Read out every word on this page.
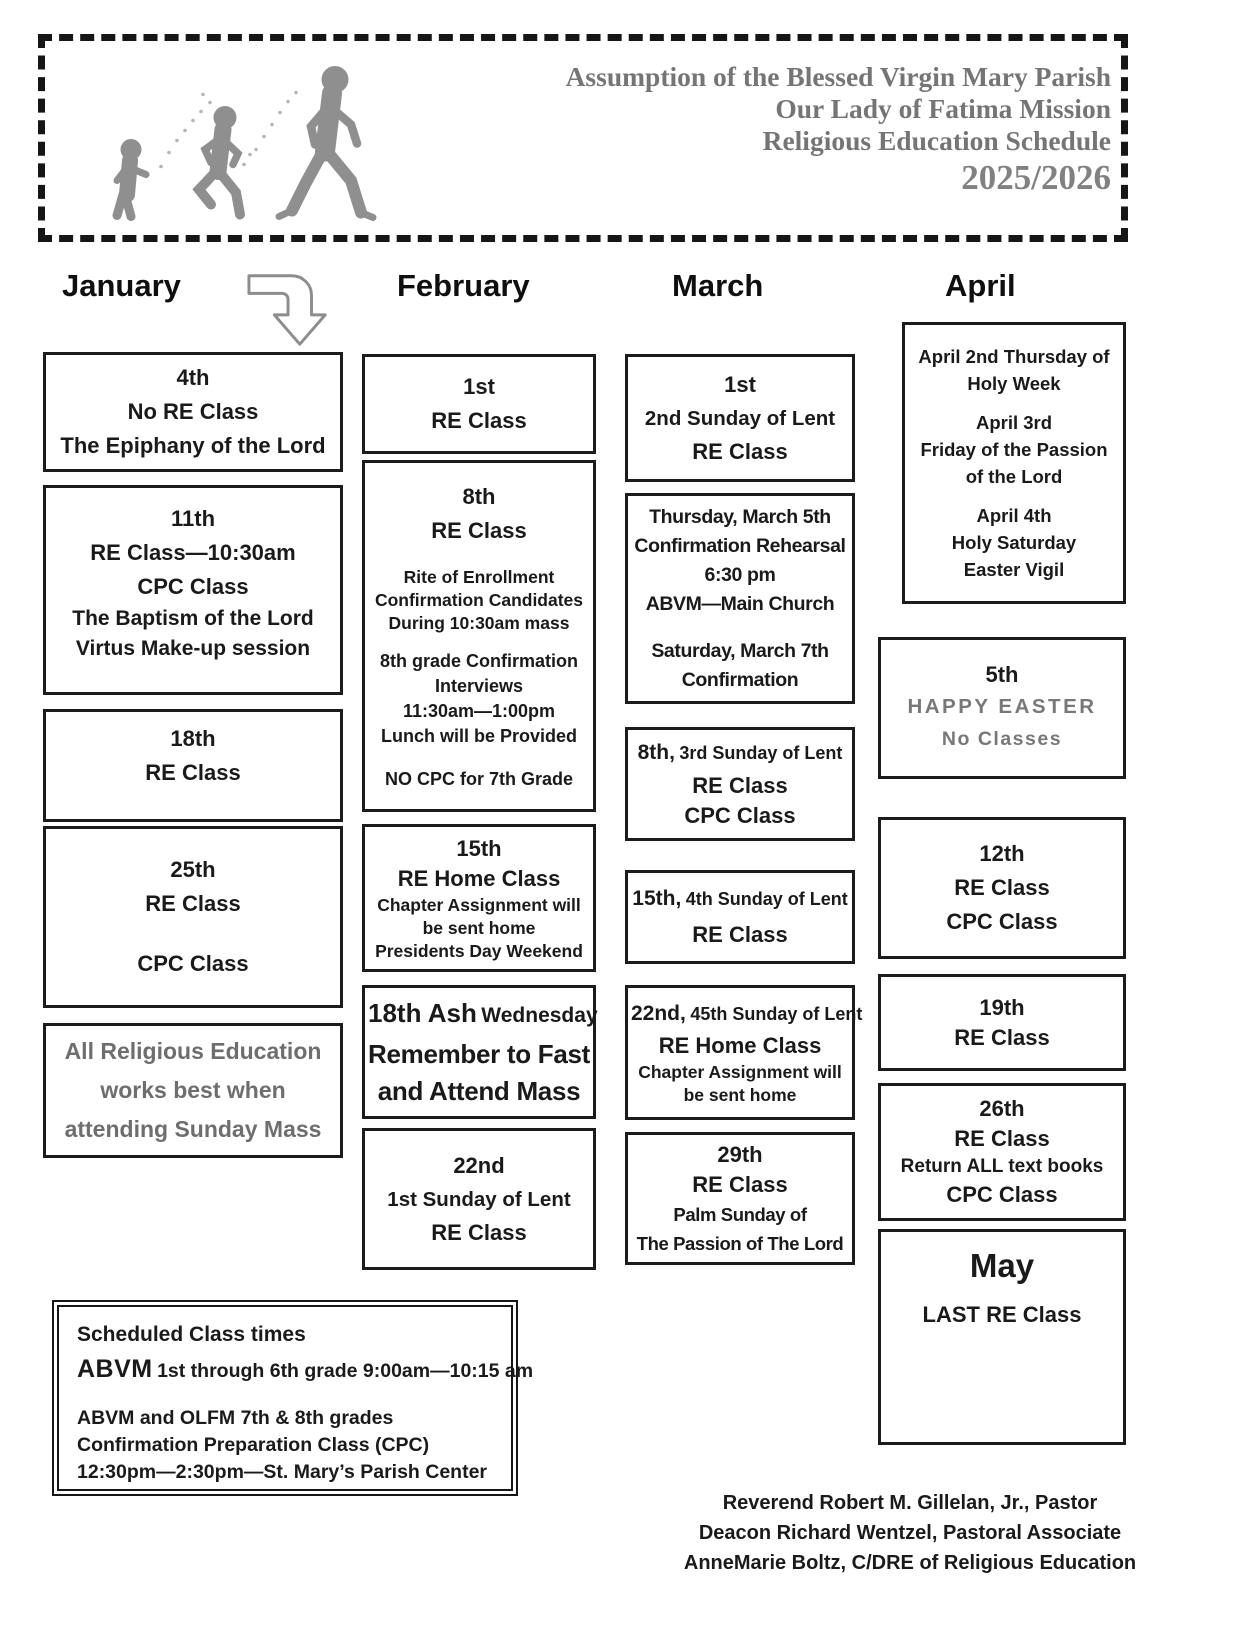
Assumption of the Blessed Virgin Mary Parish
Our Lady of Fatima Mission
Religious Education Schedule
2025/2026
January	February	March	April
4th
No RE Class
The Epiphany of the Lord
11th
RE Class—10:30am
CPC Class
The Baptism of the Lord
Virtus Make-up session
18th
RE Class
25th
RE Class
CPC Class
All Religious Education
works best when
attending Sunday Mass
1st
RE Class
8th
RE Class
Rite of Enrollment
Confirmation Candidates
During 10:30am mass
8th grade Confirmation
Interviews
11:30am—1:00pm
Lunch will be Provided
NO CPC for 7th Grade
15th
RE Home Class
Chapter Assignment will
be sent home
Presidents Day Weekend
18th Ash Wednesday
Remember to Fast
and Attend Mass
22nd
1st Sunday of Lent
RE Class
1st
2nd Sunday of Lent
RE Class
Thursday, March 5th
Confirmation Rehearsal
6:30 pm
ABVM—Main Church
Saturday, March 7th
Confirmation
8th, 3rd Sunday of Lent
RE Class
CPC Class
15th, 4th Sunday of Lent
RE Class
22nd, 45th Sunday of Lent
RE Home Class
Chapter Assignment will
be sent home
29th
RE Class
Palm Sunday of
The Passion of The Lord
April 2nd Thursday of
Holy Week
April 3rd
Friday of the Passion
of the Lord
April 4th
Holy Saturday
Easter Vigil
5th
HAPPY EASTER
No Classes
12th
RE Class
CPC Class
19th
RE Class
26th
RE Class
Return ALL text books
CPC Class
May
LAST RE Class
Scheduled Class times
ABVM 1st through 6th grade 9:00am—10:15 am
ABVM and OLFM 7th & 8th grades
Confirmation Preparation Class (CPC)
12:30pm—2:30pm—St. Mary’s Parish Center
Reverend Robert M. Gillelan, Jr., Pastor
Deacon Richard Wentzel, Pastoral Associate
AnneMarie Boltz, C/DRE of Religious Education
